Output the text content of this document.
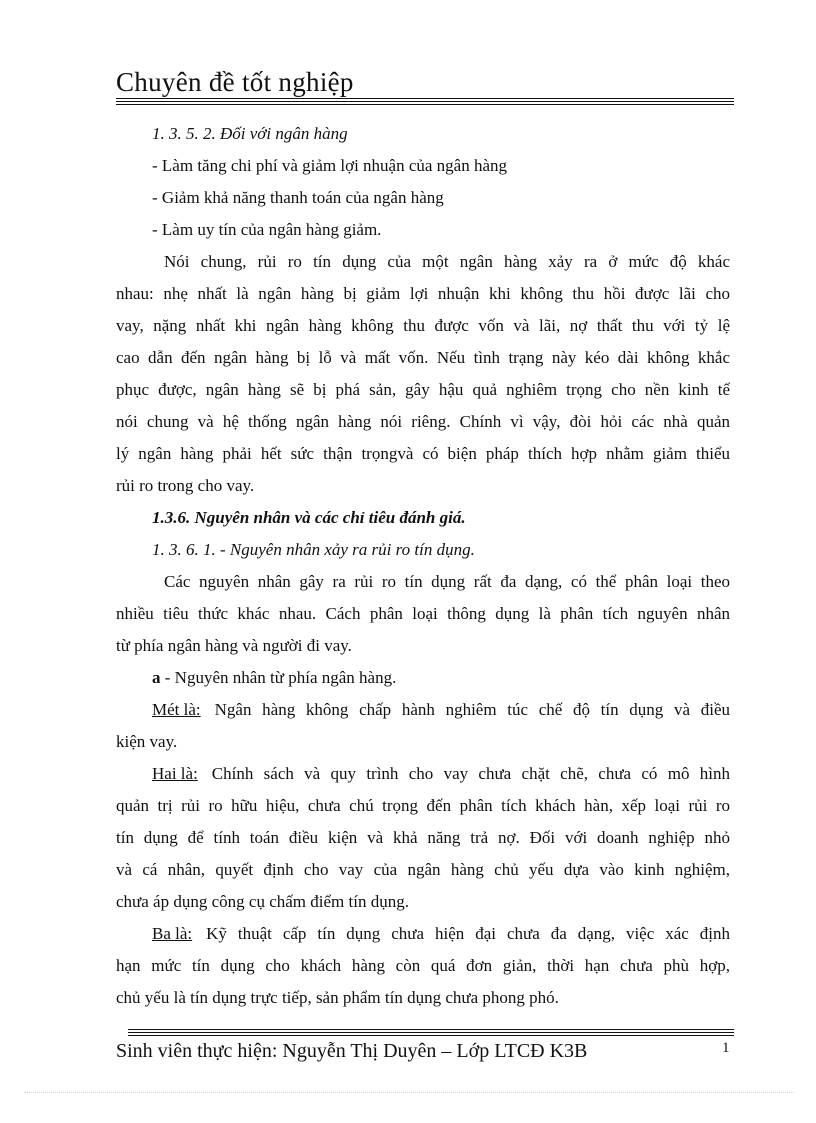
Chuyên đề tốt nghiệp
1. 3. 5. 2. Đối với ngân hàng
- Làm tăng chi phí và giảm lợi nhuận của ngân hàng
- Giảm khả năng thanh toán của ngân hàng
- Làm uy tín của ngân hàng giảm.
Nói chung, rủi ro tín dụng của một ngân hàng xảy ra ở mức độ khác
nhau: nhẹ nhất là ngân hàng bị giảm lợi nhuận khi không thu hồi được lãi cho
vay, nặng nhất khi ngân hàng không thu được vốn và lãi, nợ thất thu với tỷ lệ
cao dẫn đến ngân hàng bị lỗ và mất vốn. Nếu tình trạng này kéo dài không khắc
phục được, ngân hàng sẽ bị phá sản, gây hậu quả nghiêm trọng cho nền kinh tế
nói chung và hệ thống ngân hàng nói riêng. Chính vì vậy, đòi hỏi các nhà quản
lý ngân hàng phải hết sức thận trọngvà có biện pháp thích hợp nhằm giảm thiểu
rủi ro trong cho vay.
1.3.6. Nguyên nhân và các chỉ tiêu đánh giá.
1. 3. 6. 1. - Nguyên nhân xảy ra rủi ro tín dụng.
Các nguyên nhân gây ra rủi ro tín dụng rất đa dạng, có thể phân loại theo
nhiều tiêu thức khác nhau. Cách phân loại thông dụng là phân tích nguyên nhân
từ phía ngân hàng và người đi vay.
a - Nguyên nhân từ phía ngân hàng.
Mét là: Ngân hàng không chấp hành nghiêm túc chế độ tín dụng và điều
kiện vay.
Hai là: Chính sách và quy trình cho vay chưa chặt chẽ, chưa có mô hình
quản trị rủi ro hữu hiệu, chưa chú trọng đến phân tích khách hàn, xếp loại rủi ro
tín dụng để tính toán điều kiện và khả năng trả nợ. Đối với doanh nghiệp nhỏ
và cá nhân, quyết định cho vay của ngân hàng chủ yếu dựa vào kinh nghiệm,
chưa áp dụng công cụ chấm điểm tín dụng.
Ba là: Kỹ thuật cấp tín dụng chưa hiện đại chưa đa dạng, việc xác định
hạn mức tín dụng cho khách hàng còn quá đơn giản, thời hạn chưa phù hợp,
chủ yếu là tín dụng trực tiếp, sản phẩm tín dụng chưa phong phó.
Sinh viên thực hiện: Nguyễn Thị Duyên – Lớp LTCĐ K3B	1
